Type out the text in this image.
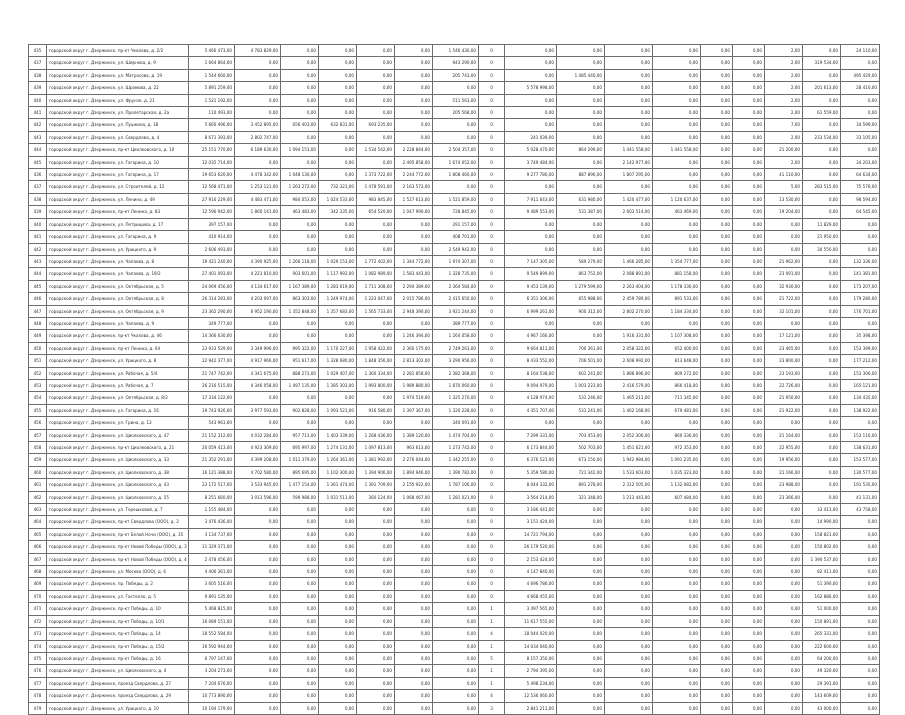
435	городской округ г. Дзержинск, пр-кт Чкалова, д. 2/2	5 466 473,00	4 783 829,00	0,00	0,00	0,00	0,00	1 546 430,00	0	0,00	0,00	0,00	0,00	0,00	0,00	2,00	0,00	24 110,00
437	городской округ г. Дзержинск, ул. Шиpнoвa, д. 9	1 664 864,00	0,00	0,00	0,00	0,00	0,00	943 290,00	0	0,00	0,00	0,00	0,00	0,00	0,00	2,00	319 534,00	0,00
438	городской округ г. Дзержинск, ул. Матросова, д. 19	1 544 660,00	0,00	0,00	0,00	0,00	0,00	205 743,00	0	0,00	1 485 440,00	0,00	0,00	0,00	0,00	2,00	0,00	495 429,00
439	городской округ г. Дзержинск, ул. Шpoмoвa, д. 22	5 891 259,00	0,00	0,00	0,00	0,00	0,00	0,00	0	5 578 998,00	0,00	0,00	0,00	0,00	0,00	2,00	201 613,00	28 410,00
440	городской округ г. Дзержинск, ул. Фрунзе, д. 21	1 521 192,00	0,00	0,00	0,00	0,00	0,00	511 563,00	0	0,00	0,00	0,00	0,00	0,00	0,00	2,00	0,00	0,00
441	городской округ г. Дзержинск, ул. Пролетарская, д. 2a	110 493,00	0,00	0,00	0,00	0,00	0,00	205 568,00	0	0,00	0,00	0,00	0,00	0,00	0,00	2,00	61 559,00	0,00
442	городской округ г. Дзержинск, ул. Пушкина, д. 18	5 660 496,00	3 452 895,00	656 403,00	632 831,00	693 235,00	0,00	0,00	0	0,00	0,00	0,00	0,00	0,00	0,00	7,00	0,00	34 599,00
443	городской округ г. Дзержинск, ул. Свердлова, д. 4	8 671 393,00	2 802 747,00	0,00	0,00	0,00	0,00	0,00	0	241 039,00	0,00	0,00	0,00	0,00	0,00	2,00	233 534,00	33 105,00
444	городской округ г. Дзержинск, пр-кт Циолковского, д. 10	25 151 770,00	6 189 630,00	1 094 153,00	0,00	1 534 542,00	2 228 844,00	2 504 357,00	0	5 028 470,00	864 299,00	1 441 558,00	1 441 558,00	0,00	0,00	21 200,00	0,00	0,00
445	городской округ г. Дзержинск, ул. Гагарина, д. 10	12 035 714,00	0,00	0,00	0,00	0,00	2 495 858,00	1 674 052,00	0	3 749 484,00	0,00	2 142 977,00	0,00	0,00	0,00	2,00	0,00	34 203,00
436	городской округ г. Дзержинск, ул. Гагарина, д. 17	19 653 620,00	4 478 342,00	1 048 130,00	0,00	1 373 722,00	2 244 772,00	1 808 460,00	0	9 277 780,00	887 896,00	1 807 295,00	0,00	0,00	0,00	41 110,00	0,00	64 634,00
437	городской округ г. Дзержинск, ул. Строителей, д. 12	12 568 471,00	1 253 121,00	1 263 272,00	732 321,00	1 478 591,00	2 163 573,00	0,00	0	0,00	0,00	0,00	0,00	0,00	0,00	5,00	283 515,00	75 576,00
438	городской округ г. Дзержинск, ул. Ленина, д. 49	27 916 229,00	4 483 471,00	984 053,00	1 024 533,00	983 845,00	1 527 613,00	1 521 859,00	0	7 911 643,00	631 980,00	1 420 477,00	1 120 637,00	0,00	0,00	13 530,00	0,00	98 594,00
439	городской округ г. Дзержинск, пр-кт Ленина, д. 83	12 596 942,00	1 860 141,00	463 483,00	342 335,00	654 520,00	1 047 990,00	728 845,00	0	9 489 553,00	531 387,00	2 603 514,00	463 469,00	0,00	0,00	19 204,00	0,00	64 545,00
440	городской округ г. Дзержинск, ул. Петрищева, д. 17	397 157,00	0,00	0,00	0,00	0,00	0,00	291 157,00	0	0,00	0,00	0,00	0,00	0,00	0,00	0,00	11 829,00	0,00
441	городской округ г. Дзержинск, ул. Гагарина, д. 9	410 914,00	0,00	0,00	0,00	0,00	0,00	408 701,00	0	0,00	0,00	0,00	0,00	0,00	0,00	0,00	21 950,00	0,00
442	городской округ г. Дзержинск, ул. Урицкого, д. 9	2 606 493,00	0,00	0,00	0,00	0,00	0,00	2 549 942,00	0	0,00	0,00	0,00	0,00	0,00	0,00	0,00	30 550,00	0,00
443	городской округ г. Дзержинск, ул. Чапаева, д. 8	19 421 240,00	4 390 925,00	1 266 118,00	1 029 153,00	1 772 402,00	1 344 772,00	1 974 307,00	0	7 147 305,00	589 279,00	1 466 285,00	1 354 777,00	0,00	0,00	21 962,00	0,00	132 336,00
444	городской округ г. Дзержинск, ул. Чапаева, д. 19/2	27 401 093,00	4 223 810,00	903 601,00	1 117 992,00	1 082 989,00	1 583 443,00	1 328 735,00	0	9 549 899,00	863 752,00	2 088 891,00	881 158,00	0,00	0,00	23 091,00	0,00	141 381,00
445	городской округ г. Дзержинск, ул. Октябрьская, д. 5	24 069 456,00	4 134 617,00	1 167 389,00	1 283 619,00	1 711 308,00	2 294 389,00	2 364 584,00	0	9 453 139,00	1 279 599,00	2 263 404,00	1 178 330,00	0,00	0,00	32 930,00	0,00	173 207,00
446	городской округ г. Дзержинск, ул. Октябрьская, д. 8	26 314 283,00	4 203 097,00	863 303,00	1 249 974,00	1 223 047,00	2 015 786,00	2 415 650,00	0	6 351 306,00	655 988,00	2 459 789,00	891 533,00	0,00	0,00	21 722,00	0,00	179 280,00
447	городской округ г. Дзержинск, ул. Октябрьская, д. 9	23 362 290,00	6 952 190,00	1 352 848,00	1 357 683,00	1 565 733,00	2 948 390,00	3 921 244,00	0	6 999 261,00	900 312,00	2 802 270,00	1 184 334,00	0,00	0,00	32 101,00	0,00	176 701,00
448	городской округ г. Дзержинск, ул. Чапаева, д. 9	349 777,00	0,00	0,00	0,00	0,00	0,00	389 777,00	0	0,00	0,00	0,00	0,00	0,00	0,00	0,00	0,00	0,00
449	городской округ г. Дзержинск, пр-кт Чкалова, д. 46	14 366 630,00	0,00	0,00	0,00	0,00	1 246 394,00	1 264 058,00	0	4 967 166,00	0,00	1 916 331,00	1 107 308,00	0,00	0,00	17 121,00	0,00	35 398,00
450	городской округ г. Дзержинск, пр-кт Ленина, д. 64	23 933 529,00	3 349 996,00	995 322,00	1 170 227,00	1 958 422,00	2 360 175,00	2 749 263,00	0	9 664 811,00	700 361,00	2 058 322,00	652 400,00	0,00	0,00	23 465,00	0,00	153 399,00
451	городской округ г. Дзержинск, ул. Урицкого, д. 8	22 942 377,00	4 917 966,00	951 617,00	1 328 680,00	1 848 356,00	2 813 302,00	3 290 956,00	0	8 433 552,00	706 501,00	2 608 992,00	813 648,00	0,00	0,00	23 800,00	0,00	177 212,00
452	городской округ г. Дзержинск, ул. Рабочая, д. 5/4	21 747 742,00	4 341 675,00	888 273,00	1 029 407,00	1 360 334,00	2 281 858,00	2 382 368,00	0	8 164 538,00	601 241,00	1 888 896,00	809 272,00	0,00	0,00	23 193,00	0,00	153 306,00
453	городской округ г. Дзержинск, ул. Рабочая, д. 7	26 216 515,00	4 346 058,00	1 497 135,00	1 385 303,00	1 993 800,00	1 989 880,00	1 870 060,00	0	9 094 979,00	1 003 223,00	2 416 579,00	866 418,00	0,00	0,00	22 726,00	0,00	165 121,00
454	городской округ г. Дзержинск, ул. Октябрьская, д. 8/2	17 334 122,00	0,00	0,00	0,00	0,00	1 974 519,00	1 325 270,00	0	4 128 974,00	531 246,00	1 465 211,00	711 345,00	0,00	0,00	21 950,00	0,00	134 435,00
455	городской округ г. Дзержинск, ул. Гагарина, д. 16	19 743 926,00	3 977 593,00	902 828,00	1 093 521,00	916 580,00	1 397 367,00	1 320 228,00	0	4 351 707,00	531 241,00	1 462 168,00	679 481,00	0,00	0,00	21 922,00	0,00	138 922,00
456	городской округ г. Дзержинск, ул. Грина, д. 13	543 961,00	0,00	0,00	0,00	0,00	0,00	340 091,00	0	0,00	0,00	0,00	0,00	0,00	0,00	0,00	0,00	0,00
457	городской округ г. Дзержинск, ул. Циолковского, д. 47	21 152 312,00	4 032 284,00	957 713,00	1 403 339,00	1 268 436,00	1 389 120,00	1 474 704,00	0	7 299 331,00	703 453,00	2 052 306,00	860 336,00	0,00	0,00	21 164,00	0,00	153 116,00
458	городской округ г. Дзержинск, пр-кт Циолковского, д. 21	20 059 413,00	4 923 309,00	695 997,00	1 274 131,00	1 097 813,00	963 613,00	1 273 742,00	0	6 173 844,00	502 703,00	1 451 621,00	972 353,00	0,00	0,00	22 955,00	0,00	138 631,00
459	городской округ г. Дзержинск, ул. Циолковского, д. 33	21 352 291,00	4 399 208,00	1 011 379,00	1 264 361,00	1 381 992,00	2 276 044,00	1 342 255,00	0	6 376 521,00	673 150,00	1 942 984,00	1 091 235,00	0,00	0,00	19 956,00	0,00	153 577,00
460	городской округ г. Дзержинск, ул. Циолковского, д. 38	16 121 388,00	4 702 580,00	895 695,00	1 102 300,00	1 394 906,00	1 894 946,00	1 390 782,00	0	5 359 580,00	721 342,00	1 533 603,00	1 035 323,00	0,00	0,00	21 166,00	0,00	130 577,00
461	городской округ г. Дзержинск, ул. Циолковского, д. 43	23 172 517,00	3 533 945,00	1 477 154,00	1 361 474,00	1 391 709,00	2 155 922,00	1 787 106,00	0	8 044 332,00	891 278,00	2 312 505,00	1 132 082,00	0,00	0,00	23 988,00	0,00	191 535,00
462	городской округ г. Дзержинск, ул. Циолковского, д. 55	8 251 660,00	3 013 596,00	599 988,00	1 031 511,00	360 124,00	1 068 467,00	1 281 021,00	0	3 564 214,00	321 348,00	1 213 443,00	607 484,00	0,00	0,00	23 366,00	0,00	41 131,00
463	городской округ г. Дзержинск, ул. Терешковой, д. 7	1 155 484,00	0,00	0,00	0,00	0,00	0,00	0,00	0	3 186 441,00	0,00	0,00	0,00	0,00	0,00	0,00	33 413,00	43 758,00
464	городской округ г. Дзержинск, пр-кт Свердлова (ООО), д. 2	3 476 436,00	0,00	0,00	0,00	0,00	0,00	0,00	0	3 151 424,00	0,00	0,00	0,00	0,00	0,00	0,00	14 990,00	0,00
465	городской округ г. Дзержинск, пр-кт Белой Ночи (ООО), д. 35	3 134 737,00	0,00	0,00	0,00	0,00	0,00	0,00	0	14 721 794,00	0,00	0,00	0,00	0,00	0,00	0,00	158 821,00	0,00
466	городской округ г. Дзержинск, пр-кт Новой Победы (ООО), д. 3	11 329 371,00	0,00	0,00	0,00	0,00	0,00	0,00	0	26 179 520,00	0,00	0,00	0,00	0,00	0,00	0,00	150 802,00	0,00
467	городской округ г. Дзержинск, пр-кт Новой Победы (ООО), д. 4	2 478 456,00	0,00	0,00	0,00	0,00	0,00	0,00	0	2 153 424,00	0,00	0,00	0,00	0,00	0,00	0,00	1 390 537,00	0,00
468	городской округ г. Дзержинск, ул. Москва (ООО), д. 6	4 406 361,00	0,00	0,00	0,00	0,00	0,00	0,00	0	4 147 840,00	0,00	0,00	0,00	0,00	0,00	0,00	82 411,00	0,00
469	городской округ г. Дзержинск, пр. Победы, д. 2	3 605 516,00	0,00	0,00	0,00	0,00	0,00	0,00	0	4 696 786,00	0,00	0,00	0,00	0,00	0,00	0,00	51 390,00	0,00
470	городской округ г. Дзержинск, ул. Гастелло, д. 5	9 891 135,00	0,00	0,00	0,00	0,00	0,00	0,00	0	4 668 455,00	0,00	0,00	0,00	0,00	0,00	0,00	162 886,00	0,00
471	городской округ г. Дзержинск, пр-кт Победы, д. 10	5 468 815,00	0,00	0,00	0,00	0,00	0,00	0,00	1	3 497 565,00	0,00	0,00	0,00	0,00	0,00	0,00	51 000,00	0,00
472	городской округ г. Дзержинск, пр-кт Победы, д. 10/1	16 089 151,00	0,00	0,00	0,00	0,00	0,00	0,00	1	11 617 555,00	0,00	0,00	0,00	0,00	0,00	0,00	150 891,00	0,00
473	городской округ г. Дзержинск, пр-кт Победы, д. 14	18 552 584,00	0,00	0,00	0,00	0,00	0,00	0,00	4	18 044 020,00	0,00	0,00	0,00	0,00	0,00	0,00	265 331,00	0,00
474	городской округ г. Дзержинск, пр-кт Победы, д. 15/2	16 592 944,00	0,00	0,00	0,00	0,00	0,00	0,00	1	14 034 040,00	0,00	0,00	0,00	0,00	0,00	0,00	222 600,00	0,00
475	городской округ г. Дзержинск, пр-кт Победы, д. 16	6 797 147,00	0,00	0,00	0,00	0,00	0,00	0,00	5	8 157 350,00	0,00	0,00	0,00	0,00	0,00	0,00	64 200,00	0,00
476	городской округ г. Дзержинск, ул. Циолковского, д. 4	3 204 273,00	0,00	0,00	0,00	0,00	0,00	0,00	1	2 794 395,00	0,00	0,00	0,00	0,00	0,00	0,00	49 320,00	0,00
477	городской округ г. Дзержинск, проезд Свердлова, д. 27	7 204 676,00	0,00	0,00	0,00	0,00	0,00	0,00	1	5 498 234,00	0,00	0,00	0,00	0,00	0,00	0,00	29 391,00	0,00
478	городской округ г. Дзержинск, проезд Свердлова, д. 29	10 773 890,00	0,00	0,00	0,00	0,00	0,00	0,00	4	12 536 060,00	0,00	0,00	0,00	0,00	0,00	0,00	143 609,00	0,00
479	городской округ г. Дзержинск, ул. Урицкого, д. 10	10 194 179,00	0,00	0,00	0,00	0,00	0,00	0,00	3	2 841 211,00	0,00	0,00	0,00	0,00	0,00	0,00	43 000,00	0,00
